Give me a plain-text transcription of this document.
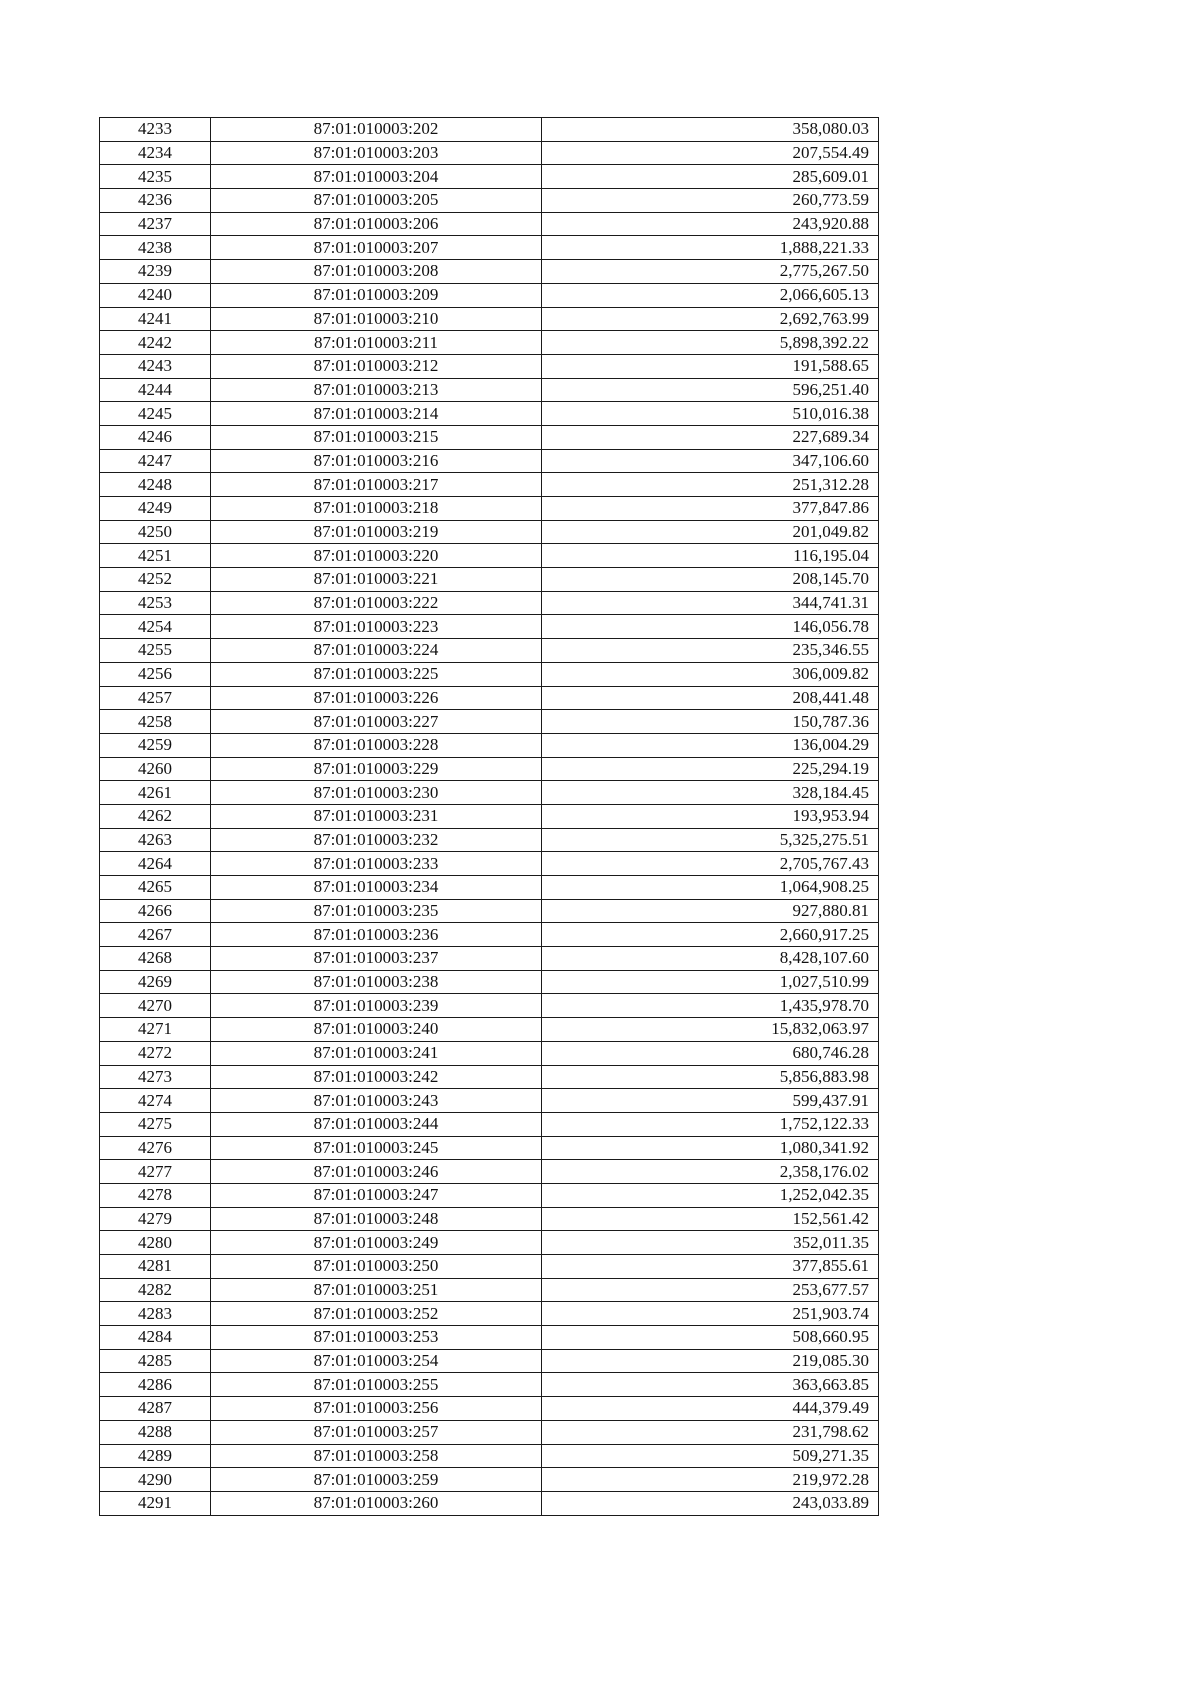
4233	87:01:010003:202	358,080.03
4234	87:01:010003:203	207,554.49
4235	87:01:010003:204	285,609.01
4236	87:01:010003:205	260,773.59
4237	87:01:010003:206	243,920.88
4238	87:01:010003:207	1,888,221.33
4239	87:01:010003:208	2,775,267.50
4240	87:01:010003:209	2,066,605.13
4241	87:01:010003:210	2,692,763.99
4242	87:01:010003:211	5,898,392.22
4243	87:01:010003:212	191,588.65
4244	87:01:010003:213	596,251.40
4245	87:01:010003:214	510,016.38
4246	87:01:010003:215	227,689.34
4247	87:01:010003:216	347,106.60
4248	87:01:010003:217	251,312.28
4249	87:01:010003:218	377,847.86
4250	87:01:010003:219	201,049.82
4251	87:01:010003:220	116,195.04
4252	87:01:010003:221	208,145.70
4253	87:01:010003:222	344,741.31
4254	87:01:010003:223	146,056.78
4255	87:01:010003:224	235,346.55
4256	87:01:010003:225	306,009.82
4257	87:01:010003:226	208,441.48
4258	87:01:010003:227	150,787.36
4259	87:01:010003:228	136,004.29
4260	87:01:010003:229	225,294.19
4261	87:01:010003:230	328,184.45
4262	87:01:010003:231	193,953.94
4263	87:01:010003:232	5,325,275.51
4264	87:01:010003:233	2,705,767.43
4265	87:01:010003:234	1,064,908.25
4266	87:01:010003:235	927,880.81
4267	87:01:010003:236	2,660,917.25
4268	87:01:010003:237	8,428,107.60
4269	87:01:010003:238	1,027,510.99
4270	87:01:010003:239	1,435,978.70
4271	87:01:010003:240	15,832,063.97
4272	87:01:010003:241	680,746.28
4273	87:01:010003:242	5,856,883.98
4274	87:01:010003:243	599,437.91
4275	87:01:010003:244	1,752,122.33
4276	87:01:010003:245	1,080,341.92
4277	87:01:010003:246	2,358,176.02
4278	87:01:010003:247	1,252,042.35
4279	87:01:010003:248	152,561.42
4280	87:01:010003:249	352,011.35
4281	87:01:010003:250	377,855.61
4282	87:01:010003:251	253,677.57
4283	87:01:010003:252	251,903.74
4284	87:01:010003:253	508,660.95
4285	87:01:010003:254	219,085.30
4286	87:01:010003:255	363,663.85
4287	87:01:010003:256	444,379.49
4288	87:01:010003:257	231,798.62
4289	87:01:010003:258	509,271.35
4290	87:01:010003:259	219,972.28
4291	87:01:010003:260	243,033.89
